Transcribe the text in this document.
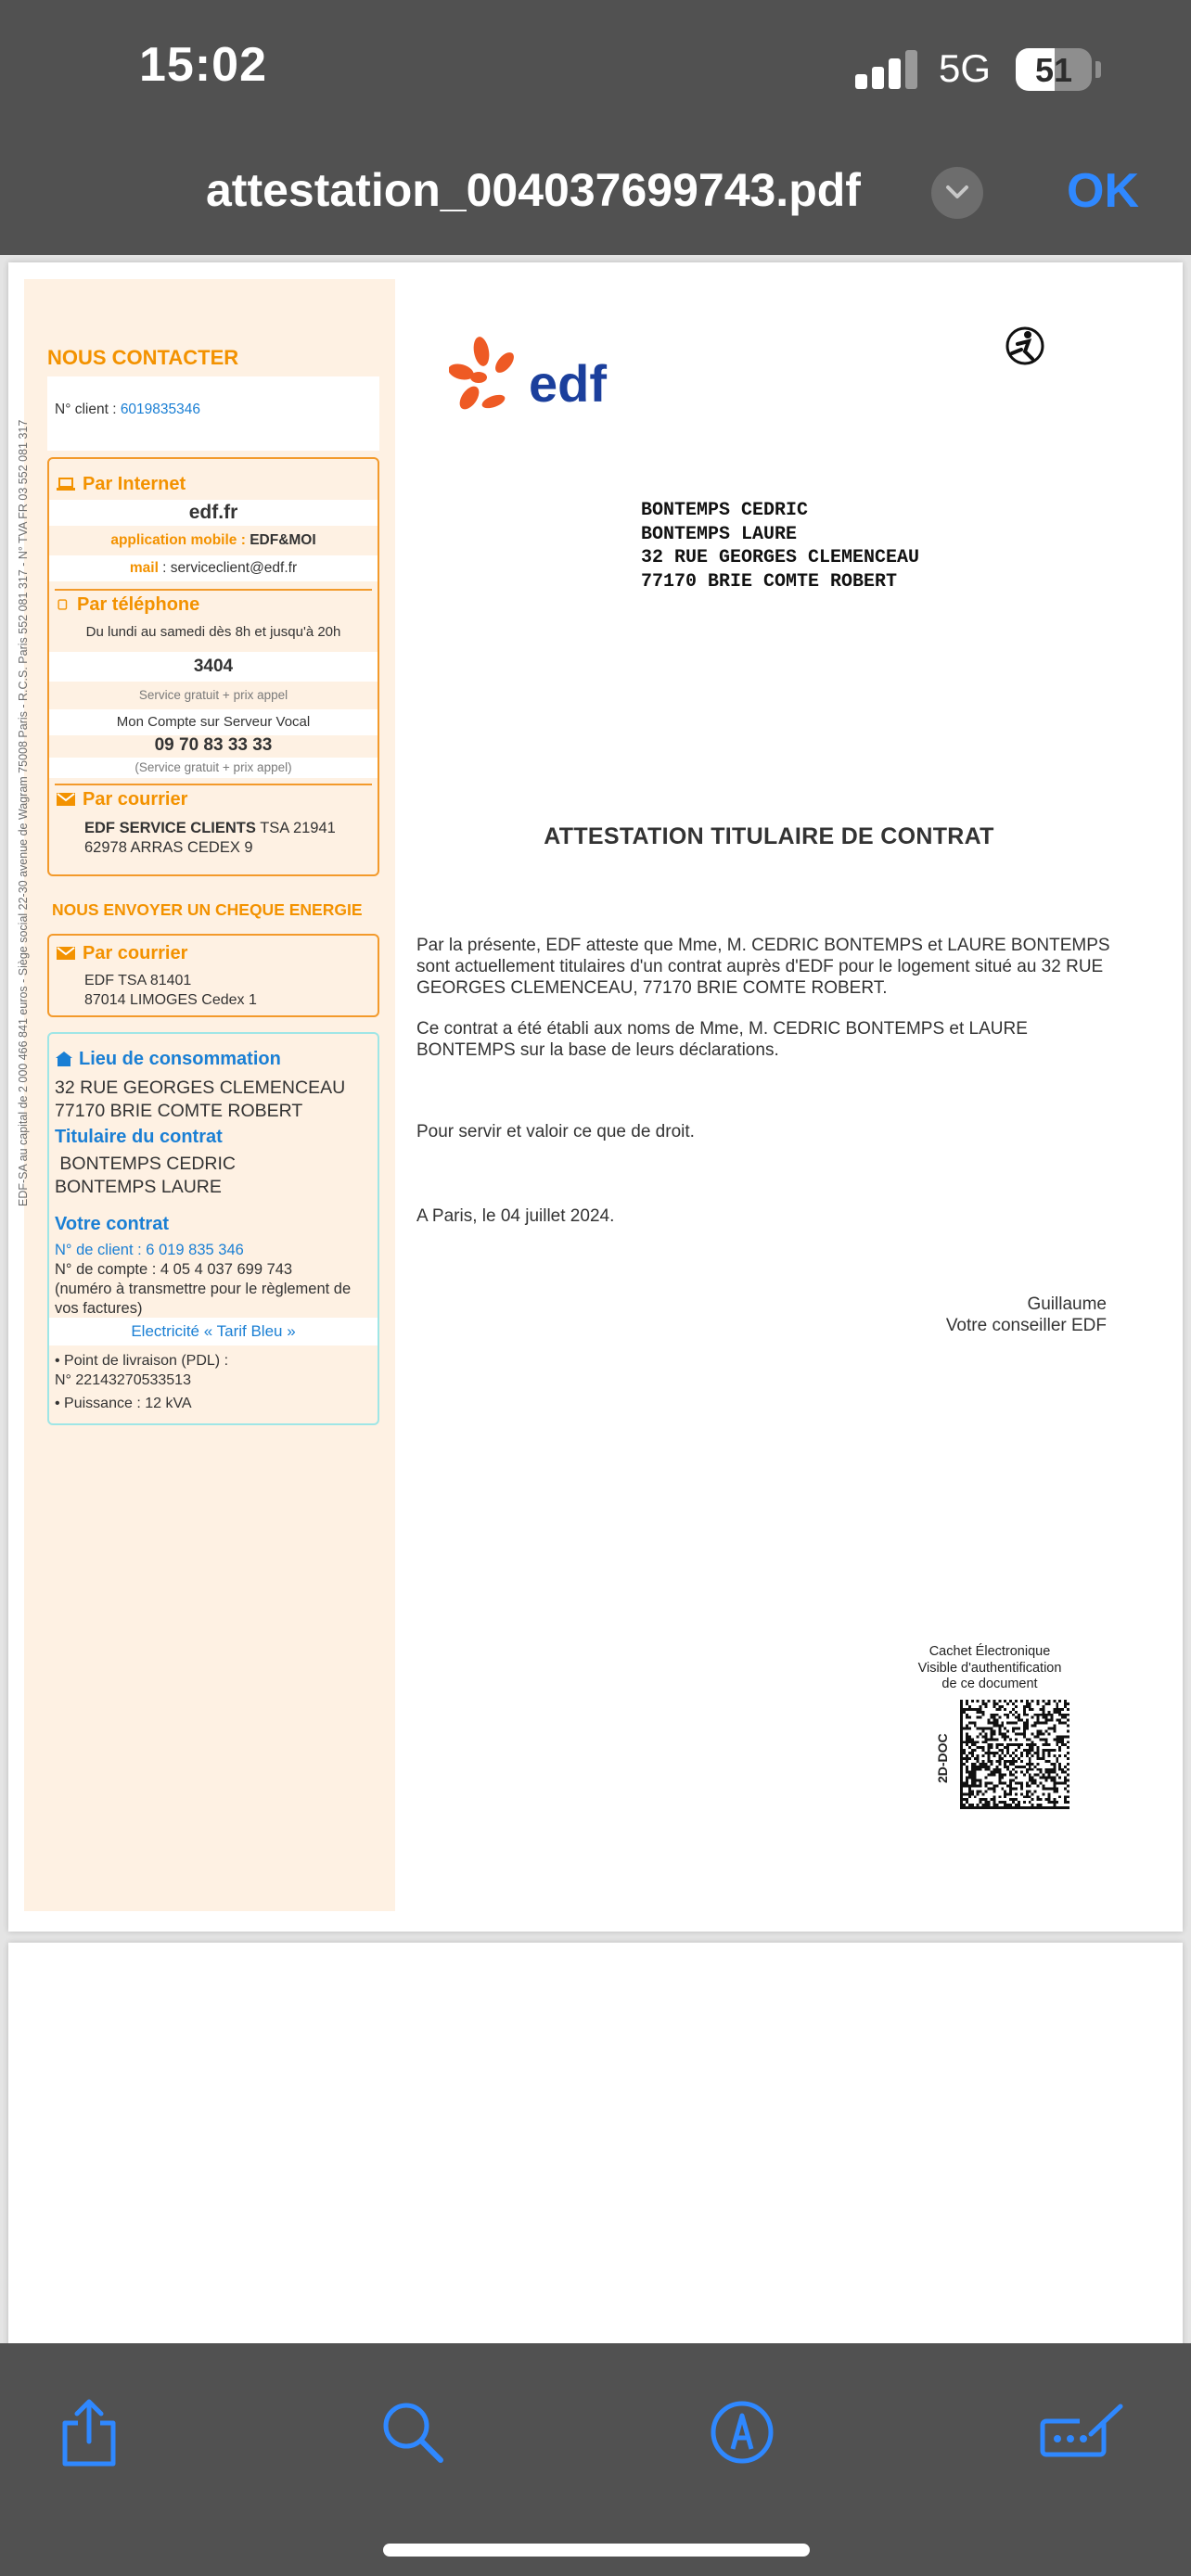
15:02	5G	51
attestation_004037699743.pdf	OK
EDF-SA au capital de 2 000 466 841 euros - Siège social 22-30 avenue de Wagram 75008 Paris - R.C.S. Paris 552 081 317 - N° TVA FR 03 552 081 317
NOUS CONTACTER
N° client : 6019835346
Par Internet
edf.fr
application mobile : EDF&MOI
mail : serviceclient@edf.fr
Par téléphone
Du lundi au samedi dès 8h et jusqu'à 20h
3404
Service gratuit + prix appel
Mon Compte sur Serveur Vocal
09 70 83 33 33
(Service gratuit + prix appel)
Par courrier
EDF SERVICE CLIENTS TSA 21941
62978 ARRAS CEDEX 9
NOUS ENVOYER UN CHEQUE ENERGIE
Par courrier
EDF TSA 81401
87014 LIMOGES Cedex 1
Lieu de consommation
32 RUE GEORGES CLEMENCEAU
77170 BRIE COMTE ROBERT
Titulaire du contrat
BONTEMPS CEDRIC
BONTEMPS LAURE
Votre contrat
N° de client : 6 019 835 346
N° de compte : 4 05 4 037 699 743
(numéro à transmettre pour le règlement de vos factures)
Electricité « Tarif Bleu »
• Point de livraison (PDL) :
N° 22143270533513
• Puissance : 12 kVA
edf
BONTEMPS CEDRIC
BONTEMPS LAURE
32 RUE GEORGES CLEMENCEAU
77170 BRIE COMTE ROBERT
ATTESTATION TITULAIRE DE CONTRAT
Par la présente, EDF atteste que Mme, M. CEDRIC BONTEMPS et LAURE BONTEMPS sont actuellement titulaires d'un contrat auprès d'EDF pour le logement situé au 32 RUE GEORGES CLEMENCEAU, 77170 BRIE COMTE ROBERT.
Ce contrat a été établi aux noms de Mme, M. CEDRIC BONTEMPS et LAURE BONTEMPS sur la base de leurs déclarations.
Pour servir et valoir ce que de droit.
A Paris, le 04 juillet 2024.
Guillaume
Votre conseiller EDF
Cachet Électronique
Visible d'authentification
de ce document
2D-DOC
